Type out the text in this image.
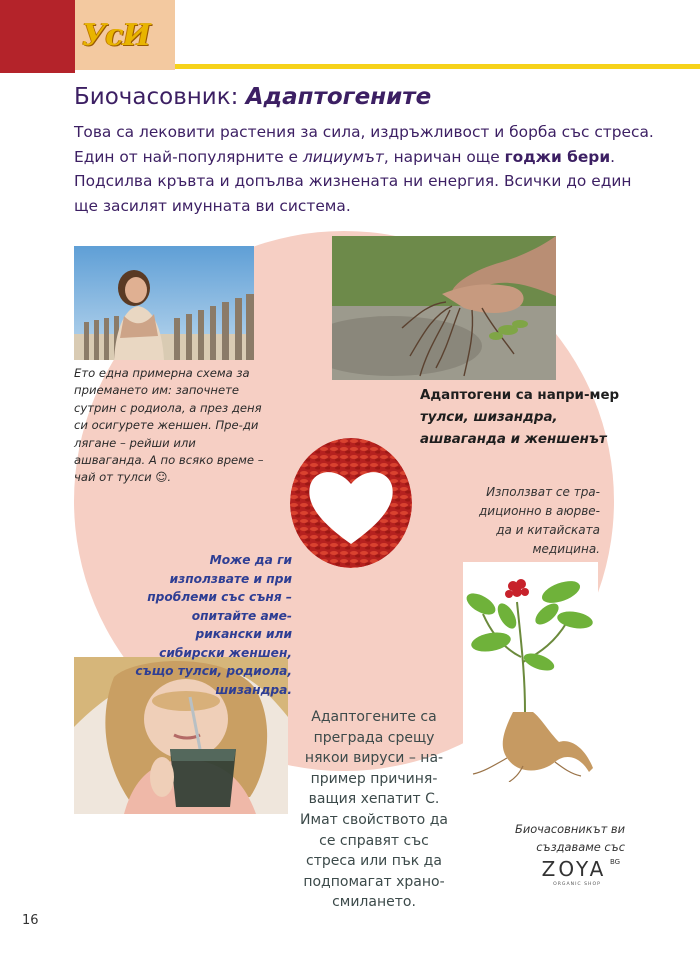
УсИ
Биочасовник: Адаптогените
Това са лековити растения за сила, издръжливост и борба със стреса. Един от най-популярните е лициумът, наричан още годжи бери. Подсилва кръвта и допълва жизнената ни енергия. Всички до един ще засилят имунната ви система.
Ето една примерна схема за приемането им: започнете сутрин с родиола, а през деня си осигурете женшен. Пре-ди лягане – рейши или ашваганда. А по всяко време – чай от тулси ☺.
Адаптогени са напри-мер тулси, шизандра, ашваганда и женшенът
Използват се тра-диционно в аюрве-да и китайската медицина.
Може да ги използвате и при проблеми със съня – опитайте аме-рикански или сибирски женшен, също тулси, родиола, шизандра.
Адаптогените са преграда срещу някои вируси – на-пример причиня-ващия хепатит С. Имат свойството да се справят със стреса или пък да подпомагат храно-смилането.
Биочасовникът ви създаваме със
ZOYA BG
ORGANIC SHOP
16
